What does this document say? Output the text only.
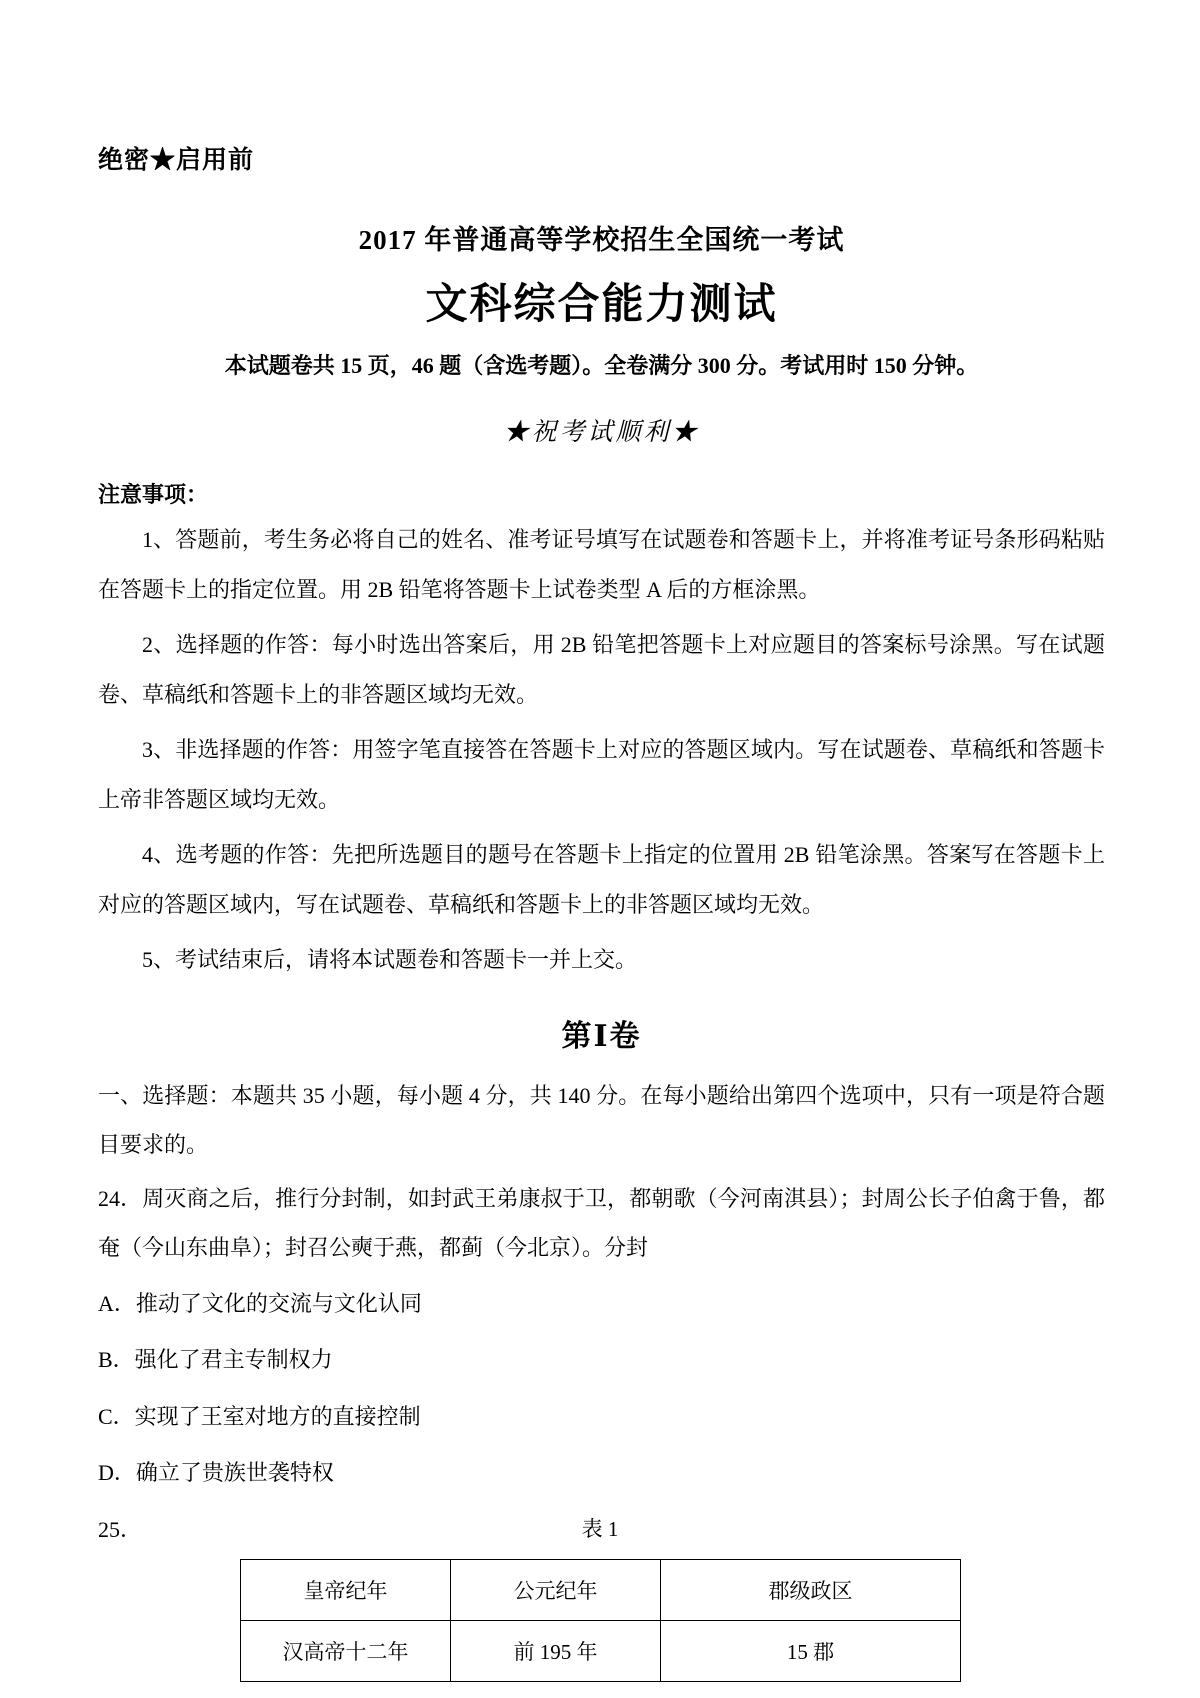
绝密★启用前
2017 年普通高等学校招生全国统一考试
文科综合能力测试
本试题卷共 15 页，46 题（含选考题）。全卷满分 300 分。考试用时 150 分钟。
★祝考试顺利★
注意事项：
1、答题前，考生务必将自己的姓名、准考证号填写在试题卷和答题卡上，并将准考证号条形码粘贴在答题卡上的指定位置。用 2B 铅笔将答题卡上试卷类型 A 后的方框涂黑。
2、选择题的作答：每小时选出答案后，用 2B 铅笔把答题卡上对应题目的答案标号涂黑。写在试题卷、草稿纸和答题卡上的非答题区域均无效。
3、非选择题的作答：用签字笔直接答在答题卡上对应的答题区域内。写在试题卷、草稿纸和答题卡上帝非答题区域均无效。
4、选考题的作答：先把所选题目的题号在答题卡上指定的位置用 2B 铅笔涂黑。答案写在答题卡上对应的答题区域内，写在试题卷、草稿纸和答题卡上的非答题区域均无效。
5、考试结束后，请将本试题卷和答题卡一并上交。
第Ⅰ卷
一、选择题：本题共 35 小题，每小题 4 分，共 140 分。在每小题给出第四个选项中，只有一项是符合题目要求的。
24．周灭商之后，推行分封制，如封武王弟康叔于卫，都朝歌（今河南淇县）；封周公长子伯禽于鲁，都奄（今山东曲阜）；封召公奭于燕，都蓟（今北京）。分封
A．推动了文化的交流与文化认同
B．强化了君主专制权力
C．实现了王室对地方的直接控制
D．确立了贵族世袭特权
25．	表 1
皇帝纪年	公元纪年	郡级政区
汉高帝十二年	前 195 年	15 郡
